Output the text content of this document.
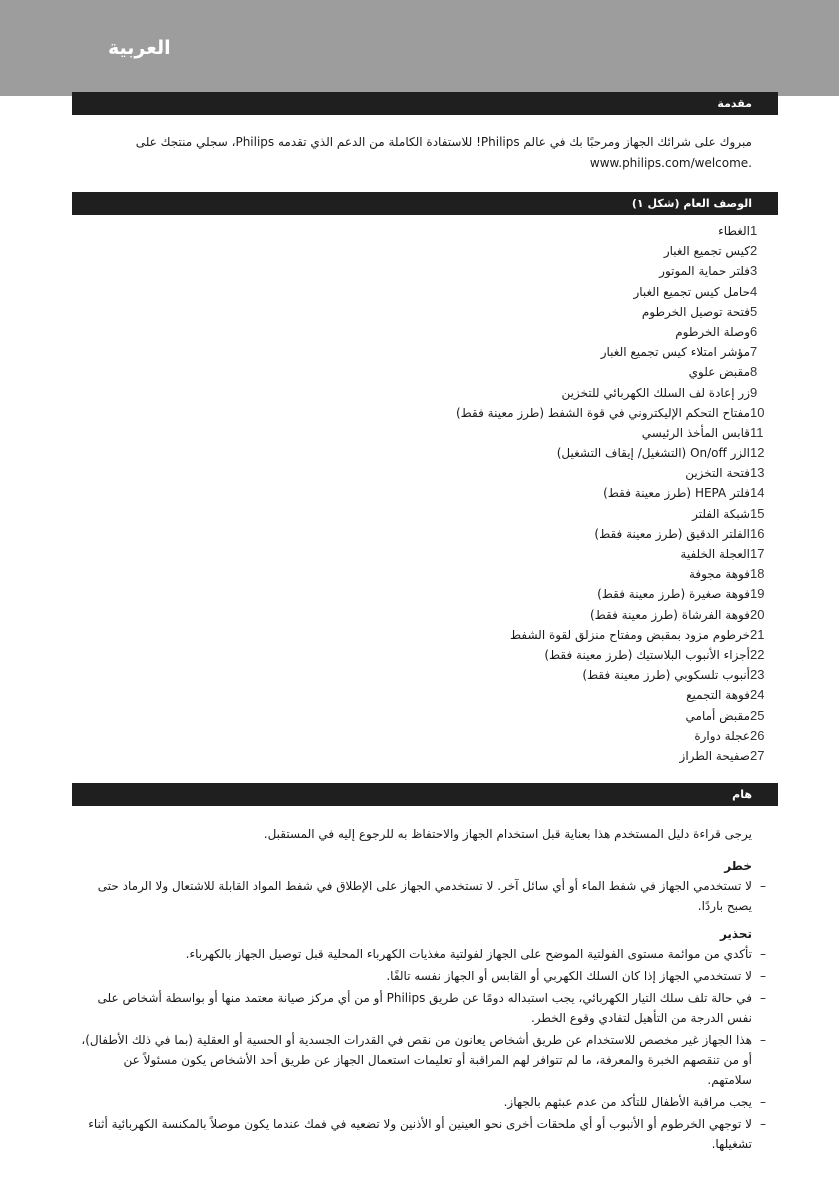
العربية
مقدمة
مبروك على شرائك الجهاز ومرحبًا بك في عالم Philips! للاستفادة الكاملة من الدعم الذي تقدمه Philips، سجلي منتجك على
www.philips.com/welcome.
الوصف العام (شكل ١)
1
الغطاء
2
كيس تجميع الغبار
3
فلتر حماية الموتور
4
حامل كيس تجميع الغبار
5
فتحة توصيل الخرطوم
6
وصلة الخرطوم
7
مؤشر امتلاء كيس تجميع الغبار
8
مقبض علوي
9
زر إعادة لف السلك الكهربائي للتخزين
10
مفتاح التحكم الإليكتروني في قوة الشفط (طرز معينة فقط)
11
قابس المأخذ الرئيسي
12
الزر On/off (التشغيل/ إيقاف التشغيل)
13
فتحة التخزين
14
فلتر HEPA (طرز معينة فقط)
15
شبكة الفلتر
16
الفلتر الدقيق (طرز معينة فقط)
17
العجلة الخلفية
18
فوهة مجوفة
19
فوهة صغيرة (طرز معينة فقط)
20
فوهة الفرشاة (طرز معينة فقط)
21
خرطوم مزود بمقبض ومفتاح منزلق لقوة الشفط
22
أجزاء الأنبوب البلاستيك (طرز معينة فقط)
23
أنبوب تلسكوبي (طرز معينة فقط)
24
فوهة التجميع
25
مقبض أمامي
26
عجلة دوارة
27
صفيحة الطراز
هام
يرجى قراءة دليل المستخدم هذا بعناية قبل استخدام الجهاز والاحتفاظ به للرجوع إليه في المستقبل.
خطر
–
لا تستخدمي الجهاز في شفط الماء أو أي سائل آخر. لا تستخدمي الجهاز على الإطلاق في شفط المواد القابلة للاشتعال ولا الرماد حتى يصبح باردًا.
تحذير
–
تأكدي من موائمة مستوى الفولتية الموضح على الجهاز لفولتية مغذيات الكهرباء المحلية قبل توصيل الجهاز بالكهرباء.
–
لا تستخدمي الجهاز إذا كان السلك الكهربي أو القابس أو الجهاز نفسه تالفًا.
–
في حالة تلف سلك التيار الكهربائي، يجب استبداله دومًا عن طريق Philips أو من أي مركز صيانة معتمد منها أو بواسطة أشخاص على نفس الدرجة من التأهيل لتفادي وقوع الخطر.
–
هذا الجهاز غير مخصص للاستخدام عن طريق أشخاص يعانون من نقص في القدرات الجسدية أو الحسية أو العقلية (بما في ذلك الأطفال)، أو من تنقصهم الخبرة والمعرفة، ما لم تتوافر لهم المراقبة أو تعليمات استعمال الجهاز عن طريق أحد الأشخاص يكون مسئولاً عن سلامتهم.
–
يجب مراقبة الأطفال للتأكد من عدم عبثهم بالجهاز.
–
لا توجهي الخرطوم أو الأنبوب أو أي ملحقات أخرى نحو العينين أو الأذنين ولا تضعيه في فمك عندما يكون موصلاً بالمكنسة الكهربائية أثناء تشغيلها.
